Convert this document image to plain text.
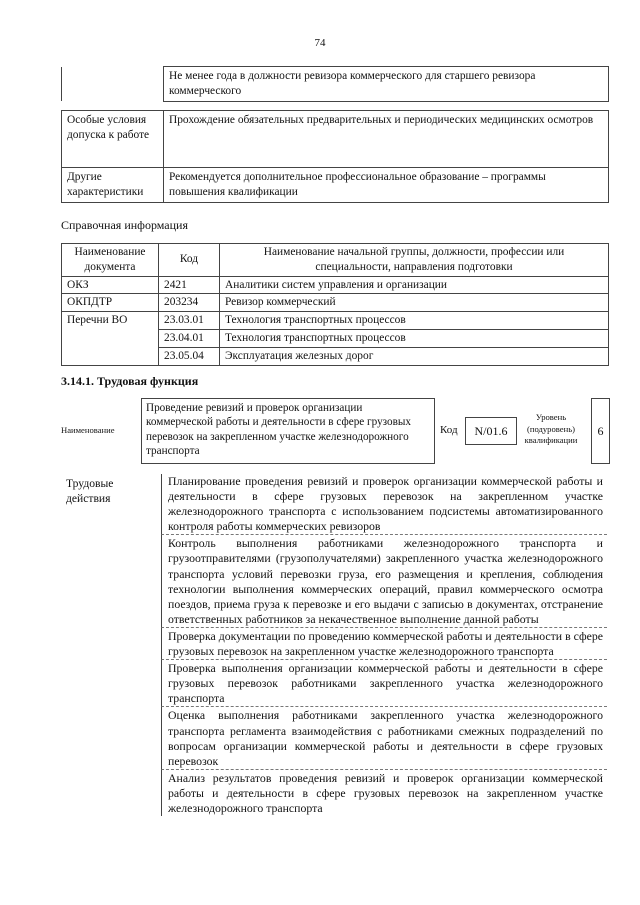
74
	Не менее года в должности ревизора коммерческого для старшего ревизора коммерческого
Особые условия допуска к работе	Прохождение обязательных предварительных и периодических медицинских осмотров
Другие характеристики	Рекомендуется дополнительное профессиональное образование – программы повышения квалификации
Справочная информация
Наименование документа	Код	Наименование начальной группы, должности, профессии или специальности, направления подготовки
ОКЗ	2421	Аналитики систем управления и организации
ОКПДТР	203234	Ревизор коммерческий
Перечни ВО	23.03.01	Технология транспортных процессов
	23.04.01	Технология транспортных процессов
	23.05.04	Эксплуатация железных дорог
3.14.1. Трудовая функция
Наименование
Проведение ревизий и проверок организации коммерческой работы и деятельности в сфере грузовых перевозок на закрепленном участке железнодорожного транспорта
Код	N/01.6
Уровень (подуровень) квалификации
6
Трудовые действия
Планирование проведения ревизий и проверок организации коммерческой работы и деятельности в сфере грузовых перевозок на закрепленном участке железнодорожного транспорта с использованием подсистемы автоматизированного контроля работы коммерческих ревизоров
Контроль выполнения работниками железнодорожного транспорта и грузоотправителями (грузополучателями) закрепленного участка железнодорожного транспорта условий перевозки груза, его размещения и крепления, соблюдения технологии выполнения коммерческих операций, правил коммерческого осмотра поездов, приема груза к перевозке и его выдачи с записью в документах, отстранение ответственных работников за некачественное выполнение данной работы
Проверка документации по проведению коммерческой работы и деятельности в сфере грузовых перевозок на закрепленном участке железнодорожного транспорта
Проверка выполнения организации коммерческой работы и деятельности в сфере грузовых перевозок работниками закрепленного участка железнодорожного транспорта
Оценка выполнения работниками закрепленного участка железнодорожного транспорта регламента взаимодействия с работниками смежных подразделений по вопросам организации коммерческой работы и деятельности в сфере грузовых перевозок
Анализ результатов проведения ревизий и проверок организации коммерческой работы и деятельности в сфере грузовых перевозок на закрепленном участке железнодорожного транспорта
